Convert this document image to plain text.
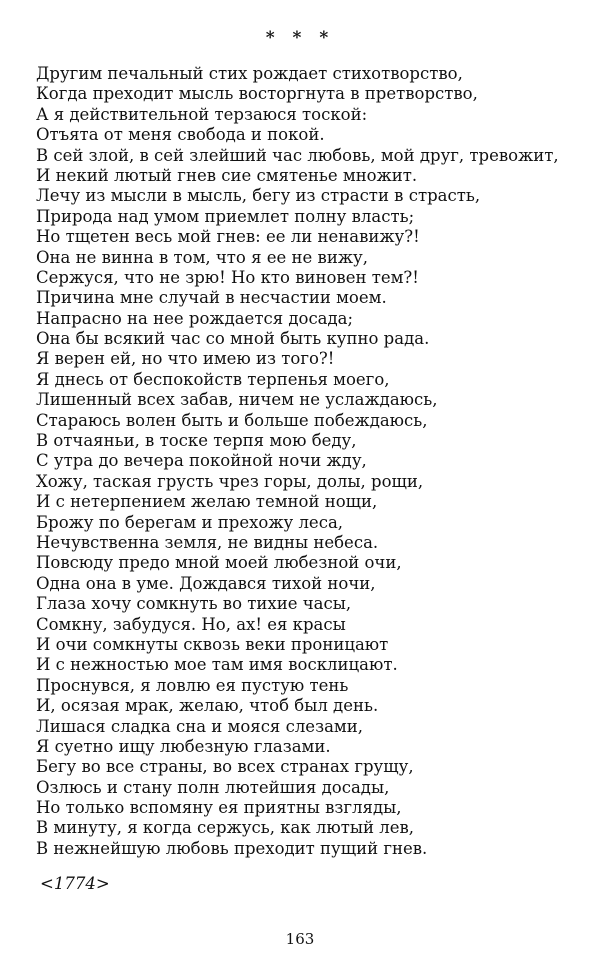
* * *
Другим печальный стих рождает стихотворство,
Когда преходит мысль восторгнута в претворство,
А я действительной терзаюся тоской:
Отъята от меня свобода и покой.
В сей злой, в сей злейший час любовь, мой друг, тревожит,
И некий лютый гнев сие смятенье множит.
Лечу из мысли в мысль, бегу из страсти в страсть,
Природа над умом приемлет полну власть;
Но тщетен весь мой гнев: ее ли ненавижу?!
Она не винна в том, что я ее не вижу,
Сержуся, что не зрю! Но кто виновен тем?!
Причина мне случай в несчастии моем.
Напрасно на нее рождается досада;
Она бы всякий час со мной быть купно рада.
Я верен ей, но что имею из того?!
Я днесь от беспокойств терпенья моего,
Лишенный всех забав, ничем не услаждаюсь,
Стараюсь волен быть и больше побеждаюсь,
В отчаяньи, в тоске терпя мою беду,
С утра до вечера покойной ночи жду,
Хожу, таская грусть чрез горы, долы, рощи,
И с нетерпением желаю темной нощи,
Брожу по берегам и прехожу леса,
Нечувственна земля, не видны небеса.
Повсюду предо мной моей любезной очи,
Одна она в уме. Дождався тихой ночи,
Глаза хочу сомкнуть во тихие часы,
Сомкну, забудуся. Но, ах! ея красы
И очи сомкнуты сквозь веки проницают
И с нежностью мое там имя восклицают.
Проснувся, я ловлю ея пустую тень
И, осязая мрак, желаю, чтоб был день.
Лишася сладка сна и мояся слезами,
Я суетно ищу любезную глазами.
Бегу во все страны, во всех странах грущу,
Озлюсь и стану полн лютейшия досады,
Но только вспомяну ея приятны взгляды,
В минуту, я когда сержусь, как лютый лев,
В нежнейшую любовь преходит пущий гнев.
<1774>
163
